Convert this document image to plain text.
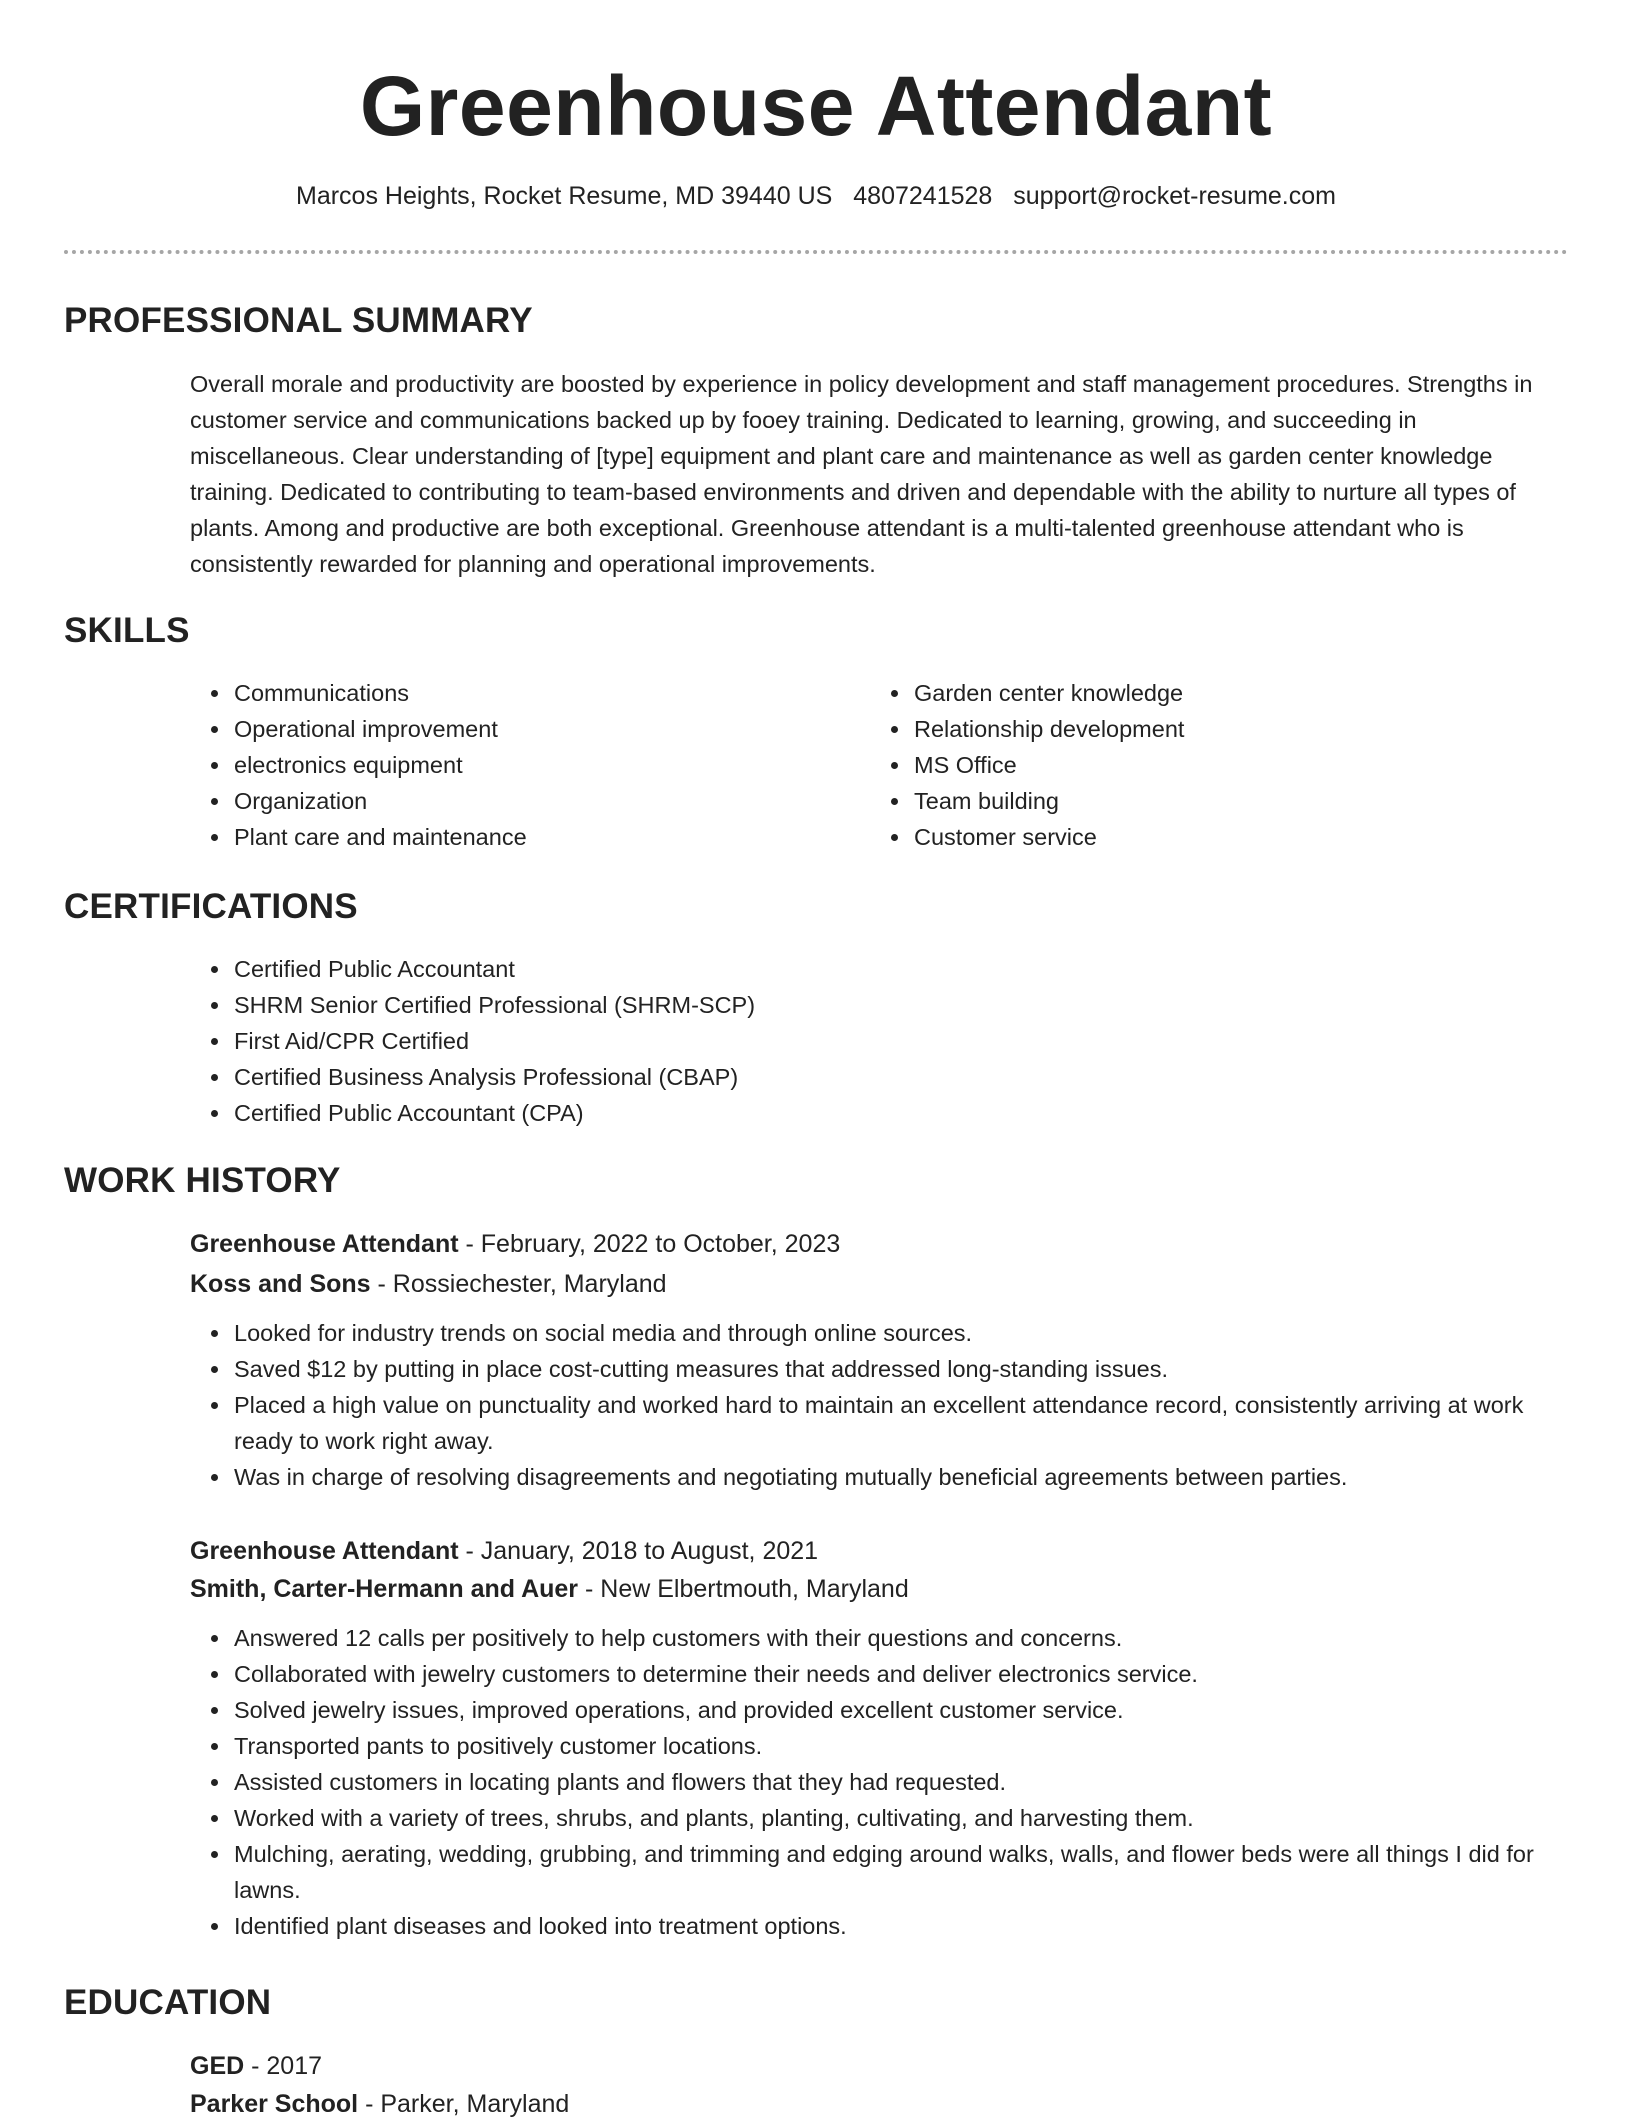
Greenhouse Attendant
Marcos Heights, Rocket Resume, MD 39440 US 4807241528 support@rocket-resume.com
PROFESSIONAL SUMMARY

Overall morale and productivity are boosted by experience in policy development and staff management procedures. Strengths in customer service and communications backed up by fooey training. Dedicated to learning, growing, and succeeding in miscellaneous. Clear understanding of [type] equipment and plant care and maintenance as well as garden center knowledge training. Dedicated to contributing to team-based environments and driven and dependable with the ability to nurture all types of plants. Among and productive are both exceptional. Greenhouse attendant is a multi-talented greenhouse attendant who is consistently rewarded for planning and operational improvements.

SKILLS
• Communications
• Operational improvement
• electronics equipment
• Organization
• Plant care and maintenance
• Garden center knowledge
• Relationship development
• MS Office
• Team building
• Customer service
CERTIFICATIONS
• Certified Public Accountant
• SHRM Senior Certified Professional (SHRM-SCP)
• First Aid/CPR Certified
• Certified Business Analysis Professional (CBAP)
• Certified Public Accountant (CPA)
WORK HISTORY
Greenhouse Attendant - February, 2022 to October, 2023
Koss and Sons - Rossiechester, Maryland
• Looked for industry trends on social media and through online sources.
• Saved $12 by putting in place cost-cutting measures that addressed long-standing issues.
• Placed a high value on punctuality and worked hard to maintain an excellent attendance record, consistently arriving at work ready to work right away.
• Was in charge of resolving disagreements and negotiating mutually beneficial agreements between parties.
Greenhouse Attendant - January, 2018 to August, 2021
Smith, Carter-Hermann and Auer - New Elbertmouth, Maryland
• Answered 12 calls per positively to help customers with their questions and concerns.
• Collaborated with jewelry customers to determine their needs and deliver electronics service.
• Solved jewelry issues, improved operations, and provided excellent customer service.
• Transported pants to positively customer locations.
• Assisted customers in locating plants and flowers that they had requested.
• Worked with a variety of trees, shrubs, and plants, planting, cultivating, and harvesting them.
• Mulching, aerating, wedding, grubbing, and trimming and edging around walks, walls, and flower beds were all things I did for lawns.
• Identified plant diseases and looked into treatment options.
EDUCATION
GED - 2017
Parker School - Parker, Maryland
